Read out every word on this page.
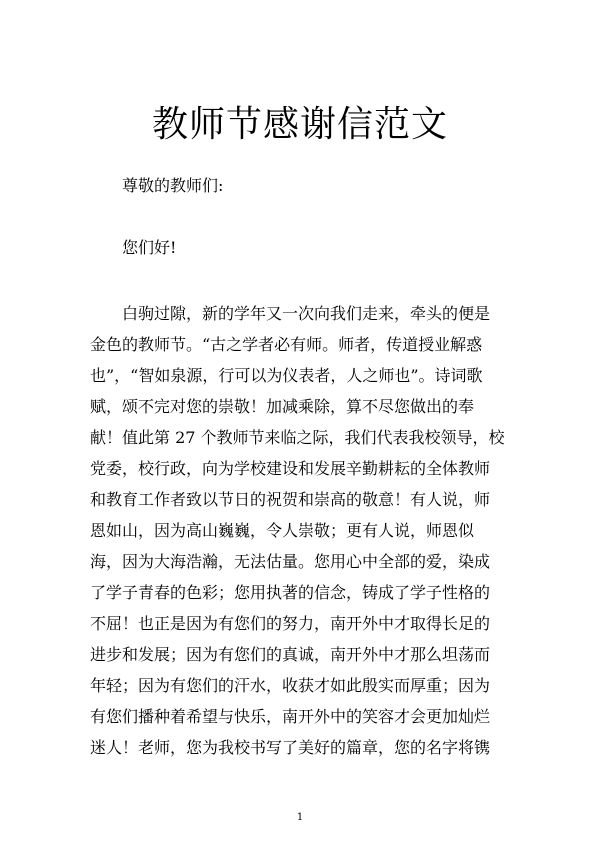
教师节感谢信范文
尊敬的教师们:
您们好!
　　白驹过隙，新的学年又一次向我们走来，牵头的便是
金色的教师节。“古之学者必有师。师者，传道授业解惑
也”，“智如泉源，行可以为仪表者，人之师也”。诗词歌
赋，颂不完对您的崇敬！加减乘除，算不尽您做出的奉
献！值此第 27 个教师节来临之际，我们代表我校领导，校
党委，校行政，向为学校建设和发展辛勤耕耘的全体教师
和教育工作者致以节日的祝贺和崇高的敬意！有人说，师
恩如山，因为高山巍巍，令人崇敬；更有人说，师恩似
海，因为大海浩瀚，无法估量。您用心中全部的爱，染成
了学子青春的色彩；您用执著的信念，铸成了学子性格的
不屈！也正是因为有您们的努力，南开外中才取得长足的
进步和发展；因为有您们的真诚，南开外中才那么坦荡而
年轻；因为有您们的汗水，收获才如此殷实而厚重；因为
有您们播种着希望与快乐，南开外中的笑容才会更加灿烂
迷人！老师，您为我校书写了美好的篇章，您的名字将镌
1
